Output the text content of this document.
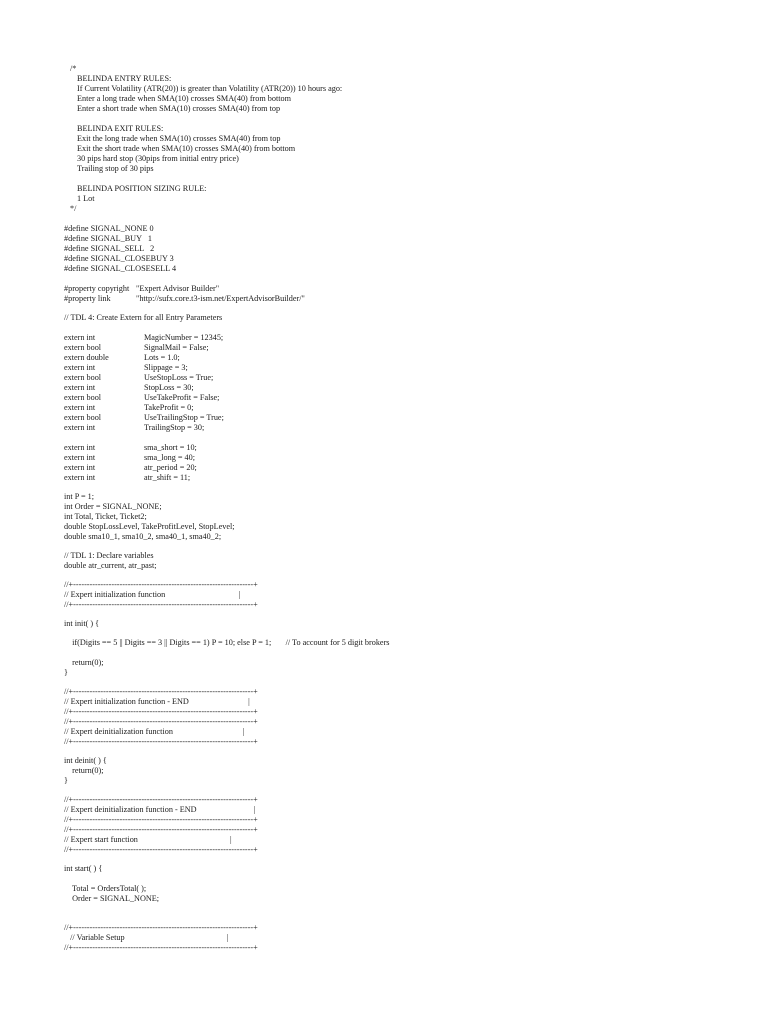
/*
BELINDA ENTRY RULES:
If Current Volatility (ATR(20)) is greater than Volatility (ATR(20)) 10 hours ago:
Enter a long trade when SMA(10) crosses SMA(40) from bottom
Enter a short trade when SMA(10) crosses SMA(40) from top
BELINDA EXIT RULES:
Exit the long trade when SMA(10) crosses SMA(40) from top
Exit the short trade when SMA(10) crosses SMA(40) from bottom
30 pips hard stop (30pips from initial entry price)
Trailing stop of 30 pips
BELINDA POSITION SIZING RULE:
1 Lot
*/
#define SIGNAL_NONE 0
#define SIGNAL_BUY   1
#define SIGNAL_SELL   2
#define SIGNAL_CLOSEBUY 3
#define SIGNAL_CLOSESELL 4
#property copyright "Expert Advisor Builder"
#property link	"http://sufx.core.t3-ism.net/ExpertAdvisorBuilder/"
// TDL 4: Create Extern for all Entry Parameters
extern int	MagicNumber = 12345;
extern bool	SignalMail = False;
extern double	Lots = 1.0;
extern int	Slippage = 3;
extern bool	UseStopLoss = True;
extern int	StopLoss = 30;
extern bool	UseTakeProfit = False;
extern int	TakeProfit = 0;
extern bool	UseTrailingStop = True;
extern int	TrailingStop = 30;
extern int	sma_short = 10;
extern int	sma_long = 40;
extern int	atr_period = 20;
extern int	atr_shift = 11;
int P = 1;
int Order = SIGNAL_NONE;
int Total, Ticket, Ticket2;
double StopLossLevel, TakeProfitLevel, StopLevel;
double sma10_1, sma10_2, sma40_1, sma40_2;
// TDL 1: Declare variables
double atr_current, atr_past;
//+------------------------------------------------------------------+
// Expert initialization function                                    |
//+------------------------------------------------------------------+
int init( ) {
if(Digits == 5 || Digits == 3 || Digits == 1) P = 10; else P = 1;       // To account for 5 digit brokers
return(0);
}
//+------------------------------------------------------------------+
// Expert initialization function - END                             |
//+------------------------------------------------------------------+
//+------------------------------------------------------------------+
// Expert deinitialization function                                  |
//+------------------------------------------------------------------+
int deinit( ) {
return(0);
}
//+------------------------------------------------------------------+
// Expert deinitialization function - END                            |
//+------------------------------------------------------------------+
//+------------------------------------------------------------------+
// Expert start function                                             |
//+------------------------------------------------------------------+
int start( ) {
Total = OrdersTotal( );
Order = SIGNAL_NONE;
//+------------------------------------------------------------------+
// Variable Setup                                                  |
//+------------------------------------------------------------------+
